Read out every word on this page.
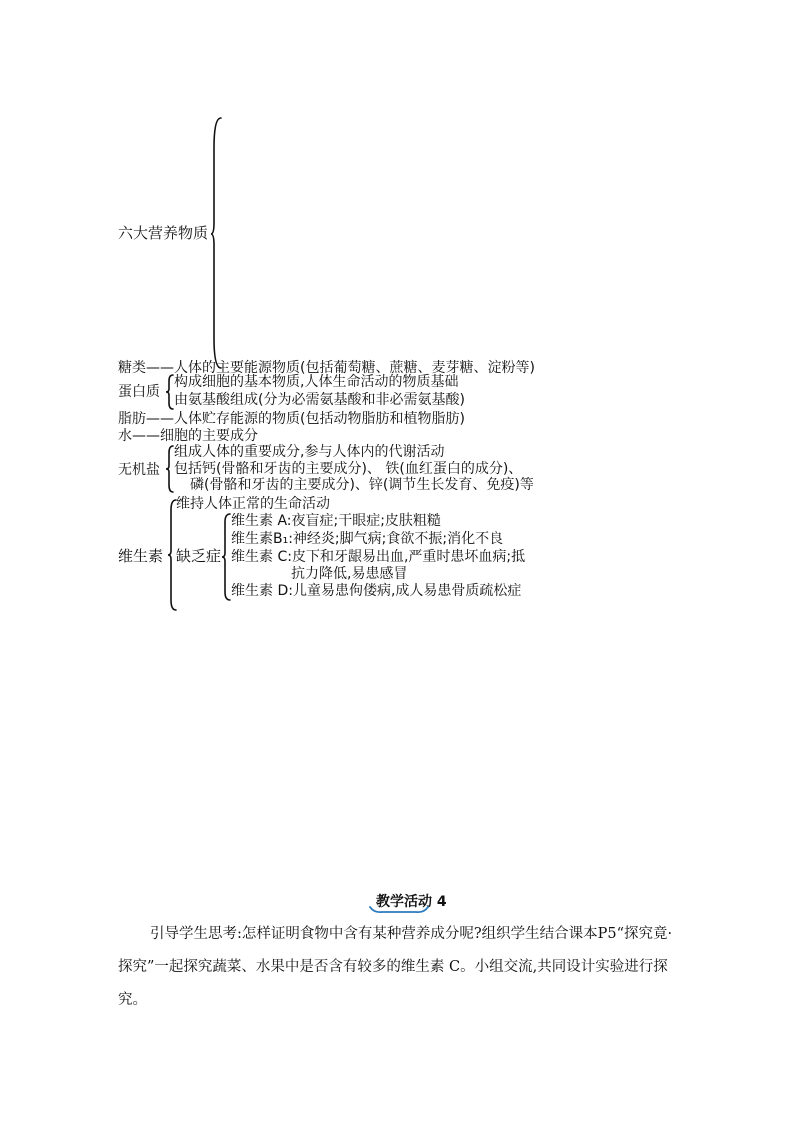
六大营养物质
糖类——人体的主要能源物质(包括葡萄糖、蔗糖、麦芽糖、淀粉等)
蛋白质
构成细胞的基本物质,人体生命活动的物质基础
由氨基酸组成(分为必需氨基酸和非必需氨基酸)
脂肪——人体贮存能源的物质(包括动物脂肪和植物脂肪)
水——细胞的主要成分
无机盐
组成人体的重要成分,参与人体内的代谢活动
包括钙(骨骼和牙齿的主要成分)、 铁(血红蛋白的成分)、
磷(骨骼和牙齿的主要成分)、锌(调节生长发育、免疫)等
维生素
维持人体正常的生命活动
缺乏症
维生素 A:夜盲症;干眼症;皮肤粗糙
维生素B₁:神经炎;脚气病;食欲不振;消化不良
维生素 C:皮下和牙龈易出血,严重时患坏血病;抵
抗力降低,易患感冒
维生素 D:儿童易患佝偻病,成人易患骨质疏松症
教学活动 4
引导学生思考:怎样证明食物中含有某种营养成分呢?组织学生结合课本P5“探究竟·探究”一起探究蔬菜、水果中是否含有较多的维生素 C。小组交流,共同设计实验进行探究。
